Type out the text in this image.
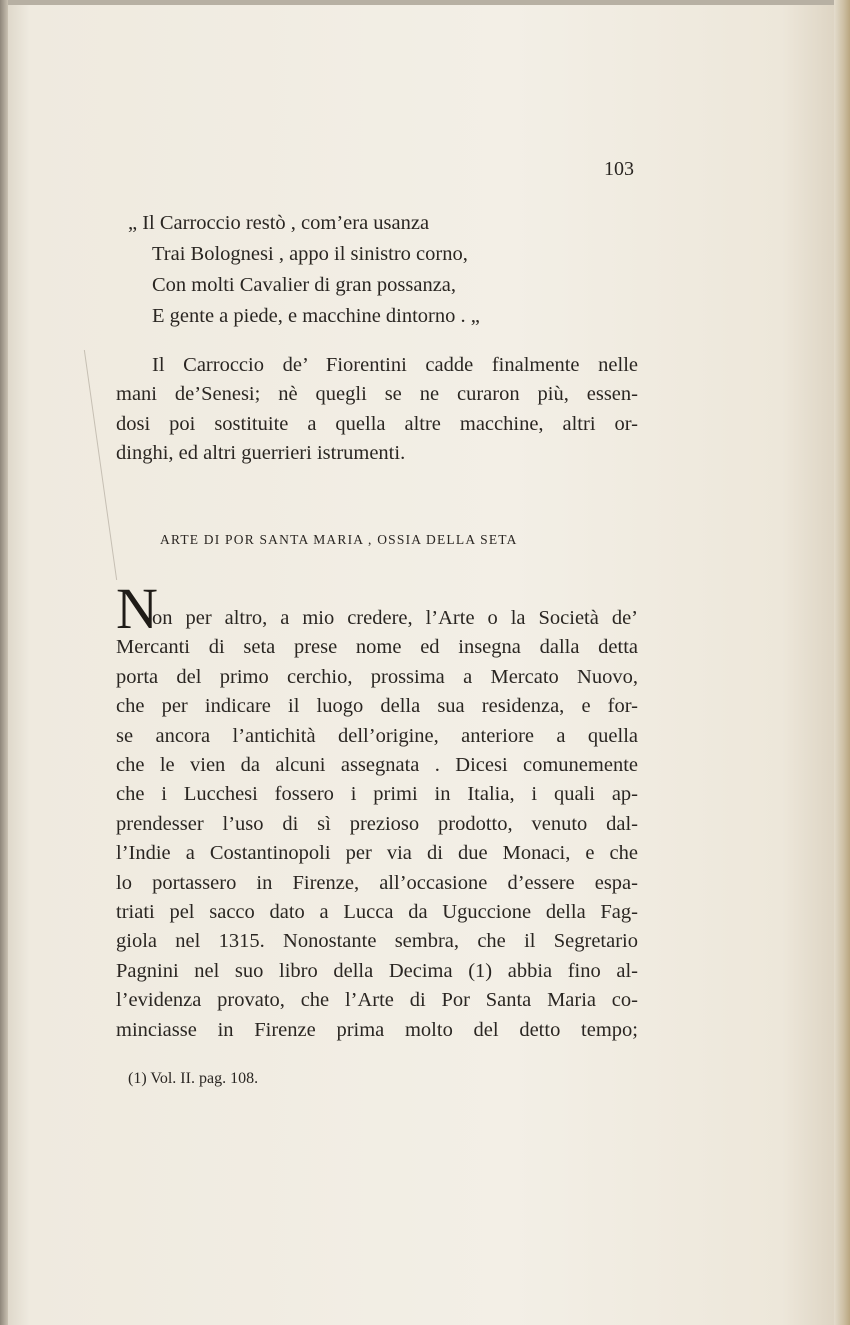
103
„ Il Carroccio restò , com’era usanza
Trai Bolognesi , appo il sinistro corno,
Con molti Cavalier di gran possanza,
E gente a piede, e macchine dintorno . „
Il Carroccio de’ Fiorentini cadde finalmente nelle
mani de’Senesi; nè quegli se ne curaron più, essen-
dosi poi sostituite a quella altre macchine, altri or-
dinghi, ed altri guerrieri istrumenti.
ARTE DI POR SANTA MARIA , OSSIA DELLA SETA
N
on per altro, a mio credere, l’Arte o la Società de’
Mercanti di seta prese nome ed insegna dalla detta
porta del primo cerchio, prossima a Mercato Nuovo,
che per indicare il luogo della sua residenza, e for-
se ancora l’antichità dell’origine, anteriore a quella
che le vien da alcuni assegnata . Dicesi comunemente
che i Lucchesi fossero i primi in Italia, i quali ap-
prendesser l’uso di sì prezioso prodotto, venuto dal-
l’Indie a Costantinopoli per via di due Monaci, e che
lo portassero in Firenze, all’occasione d’essere espa-
triati pel sacco dato a Lucca da Uguccione della Fag-
giola nel 1315. Nonostante sembra, che il Segretario
Pagnini nel suo libro della Decima (1) abbia fino al-
l’evidenza provato, che l’Arte di Por Santa Maria co-
minciasse in Firenze prima molto del detto tempo;
(1) Vol. II. pag. 108.
